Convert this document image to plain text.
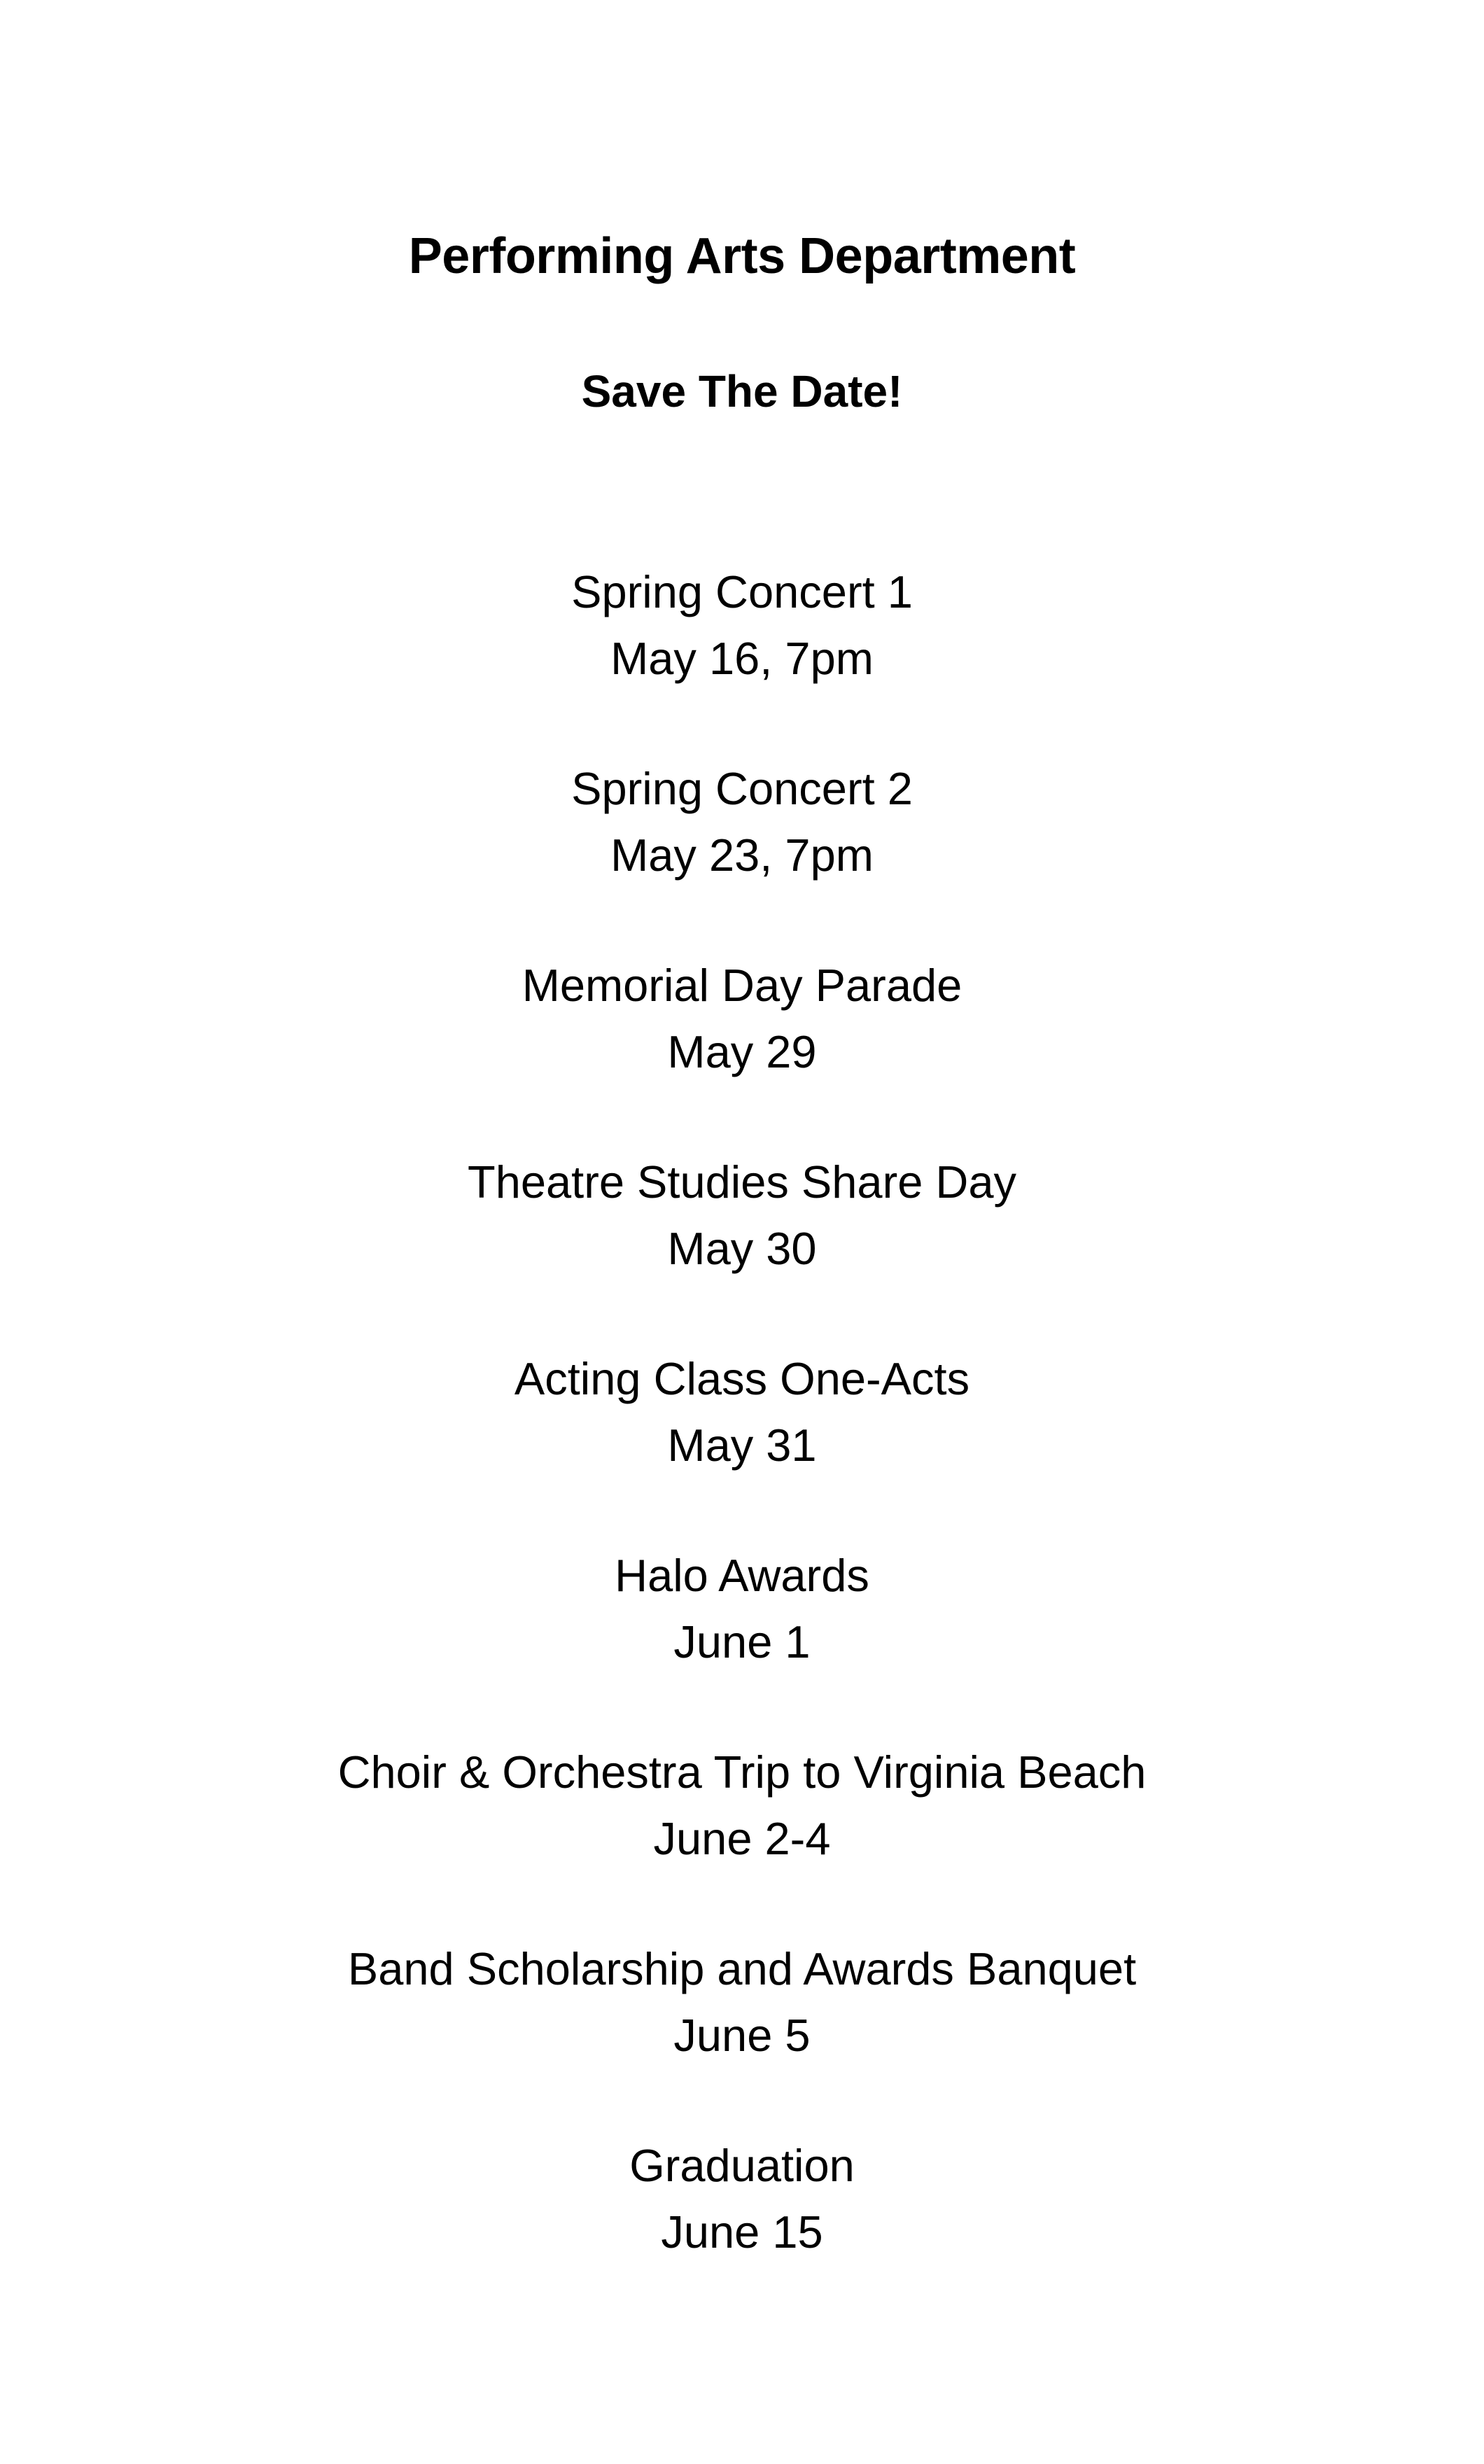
Performing Arts Department
Save The Date!
Spring Concert 1
May 16, 7pm
Spring Concert 2
May 23, 7pm
Memorial Day Parade
May 29
Theatre Studies Share Day
May 30
Acting Class One-Acts
May 31
Halo Awards
June 1
Choir & Orchestra Trip to Virginia Beach
June 2-4
Band Scholarship and Awards Banquet
June 5
Graduation
June 15
